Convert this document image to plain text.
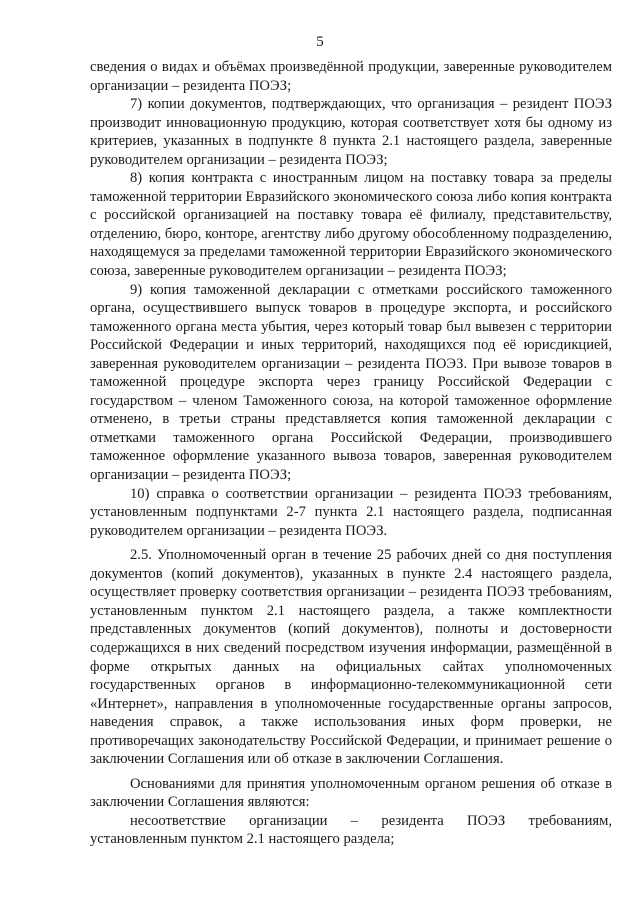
5

сведения о видах и объёмах произведённой продукции, заверенные руководителем организации – резидента ПОЭЗ;

7) копии документов, подтверждающих, что организация – резидент ПОЭЗ производит инновационную продукцию, которая соответствует хотя бы одному из критериев, указанных в подпункте 8 пункта 2.1 настоящего раздела, заверенные руководителем организации – резидента ПОЭЗ;

8) копия контракта с иностранным лицом на поставку товара за пределы таможенной территории Евразийского экономического союза либо копия контракта с российской организацией на поставку товара её филиалу, представительству, отделению, бюро, конторе, агентству либо другому обособленному подразделению, находящемуся за пределами таможенной территории Евразийского экономического союза, заверенные руководителем организации – резидента ПОЭЗ;

9) копия таможенной декларации с отметками российского таможенного органа, осуществившего выпуск товаров в процедуре экспорта, и российского таможенного органа места убытия, через который товар был вывезен с территории Российской Федерации и иных территорий, находящихся под её юрисдикцией, заверенная руководителем организации – резидента ПОЭЗ. При вывозе товаров в таможенной процедуре экспорта через границу Российской Федерации с государством – членом Таможенного союза, на которой таможенное оформление отменено, в третьи страны представляется копия таможенной декларации с отметками таможенного органа Российской Федерации, производившего таможенное оформление указанного вывоза товаров, заверенная руководителем организации – резидента ПОЭЗ;

10) справка о соответствии организации – резидента ПОЭЗ требованиям, установленным подпунктами 2-7 пункта 2.1 настоящего раздела, подписанная руководителем организации – резидента ПОЭЗ.

2.5. Уполномоченный орган в течение 25 рабочих дней со дня поступления документов (копий документов), указанных в пункте 2.4 настоящего раздела, осуществляет проверку соответствия организации – резидента ПОЭЗ требованиям, установленным пунктом 2.1 настоящего раздела, а также комплектности представленных документов (копий документов), полноты и достоверности содержащихся в них сведений посредством изучения информации, размещённой в форме открытых данных на официальных сайтах уполномоченных государственных органов в информационно-телекоммуникационной сети «Интернет», направления в уполномоченные государственные органы запросов, наведения справок, а также использования иных форм проверки, не противоречащих законодательству Российской Федерации, и принимает решение о заключении Соглашения или об отказе в заключении Соглашения.

Основаниями для принятия уполномоченным органом решения об отказе в заключении Соглашения являются:

несоответствие организации – резидента ПОЭЗ требованиям, установленным пунктом 2.1 настоящего раздела;
